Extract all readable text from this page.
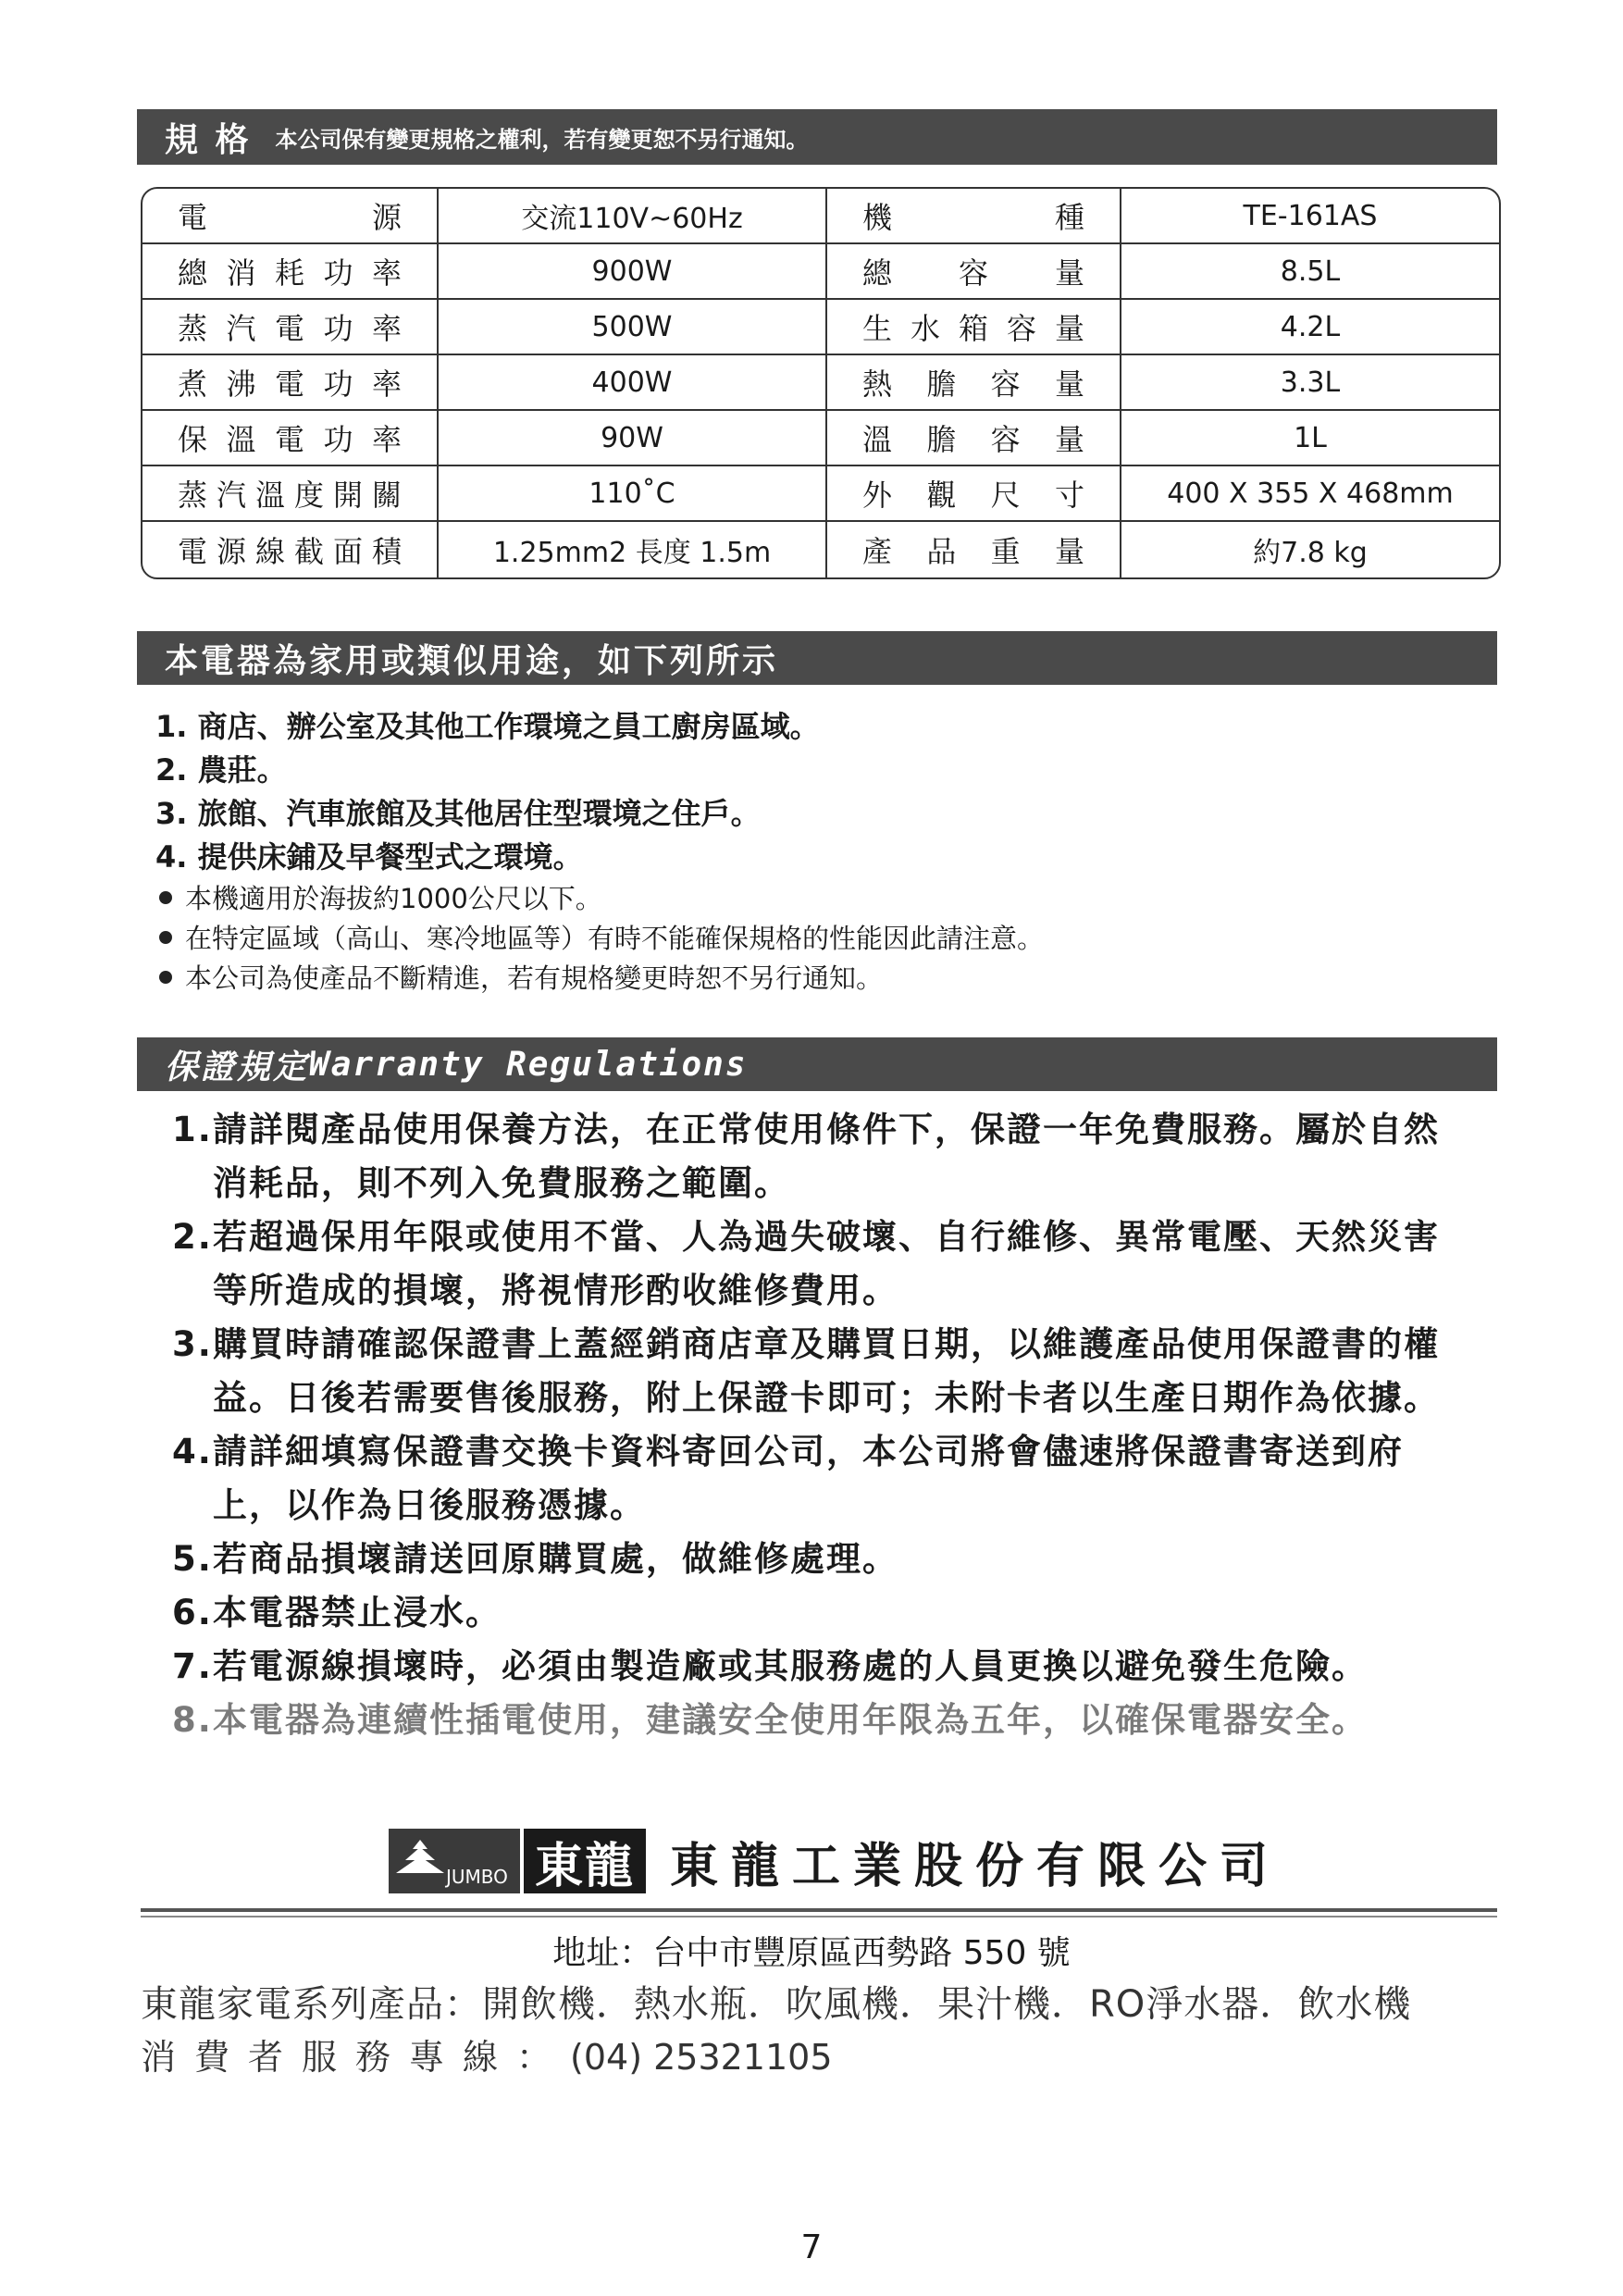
規 格 本公司保有變更規格之權利，若有變更恕不另行通知。
電源	交流110V~60Hz	機種	TE-161AS
總消耗功率	900W	總容量	8.5L
蒸汽電功率	500W	生水箱容量	4.2L
煮沸電功率	400W	熱膽容量	3.3L
保溫電功率	90W	溫膽容量	1L
蒸汽溫度開關	110˚C	外觀尺寸	400 X 355 X 468mm
電源線截面積	1.25mm2 長度 1.5m	產品重量	約7.8 kg
本電器為家用或類似用途，如下列所示
1. 商店、辦公室及其他工作環境之員工廚房區域。
2. 農莊。
3. 旅館、汽車旅館及其他居住型環境之住戶。
4. 提供床鋪及早餐型式之環境。
本機適用於海拔約1000公尺以下。
在特定區域（高山、寒冷地區等）有時不能確保規格的性能因此請注意。
本公司為使產品不斷精進，若有規格變更時恕不另行通知。
保證規定 Warranty Regulations
1. 請詳閱產品使用保養方法，在正常使用條件下，保證一年免費服務。屬於自然消耗品，則不列入免費服務之範圍。
2. 若超過保用年限或使用不當、人為過失破壞、自行維修、異常電壓、天然災害等所造成的損壞，將視情形酌收維修費用。
3. 購買時請確認保證書上蓋經銷商店章及購買日期，以維護產品使用保證書的權益。日後若需要售後服務，附上保證卡即可；未附卡者以生產日期作為依據。
4. 請詳細填寫保證書交換卡資料寄回公司，本公司將會儘速將保證書寄送到府上，以作為日後服務憑據。
5. 若商品損壞請送回原購買處，做維修處理。
6. 本電器禁止浸水。
7. 若電源線損壞時，必須由製造廠或其服務處的人員更換以避免發生危險。
8. 本電器為連續性插電使用，建議安全使用年限為五年，以確保電器安全。
JUMBO 東龍 東龍工業股份有限公司
地址：台中市豐原區西勢路 550 號
東龍家電系列產品：開飲機．熱水瓶．吹風機．果汁機．RO淨水器．飲水機
消費者服務專線：(04) 25321105
7
